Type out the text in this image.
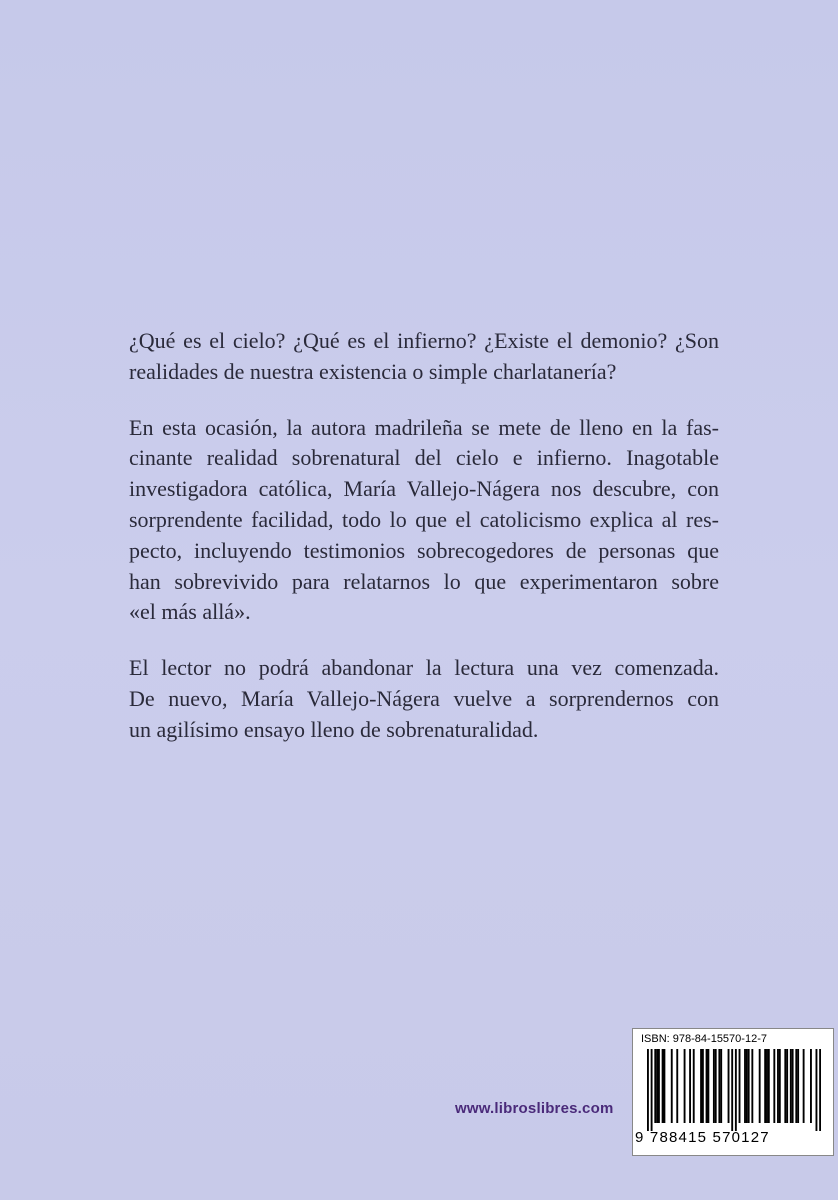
¿Qué es el cielo? ¿Qué es el infierno? ¿Existe el demonio? ¿Son
realidades de nuestra existencia o simple charlatanería?

En esta ocasión, la autora madrileña se mete de lleno en la fas-
cinante realidad sobrenatural del cielo e infierno. Inagotable
investigadora católica, María Vallejo-Nágera nos descubre, con
sorprendente facilidad, todo lo que el catolicismo explica al res-
pecto, incluyendo testimonios sobrecogedores de personas que
han sobrevivido para relatarnos lo que experimentaron sobre
«el más allá».

El lector no podrá abandonar la lectura una vez comenzada.
De nuevo, María Vallejo-Nágera vuelve a sorprendernos con
un agilísimo ensayo lleno de sobrenaturalidad.

www.libroslibres.com
ISBN: 978-84-15570-12-7
9 788415 570127
